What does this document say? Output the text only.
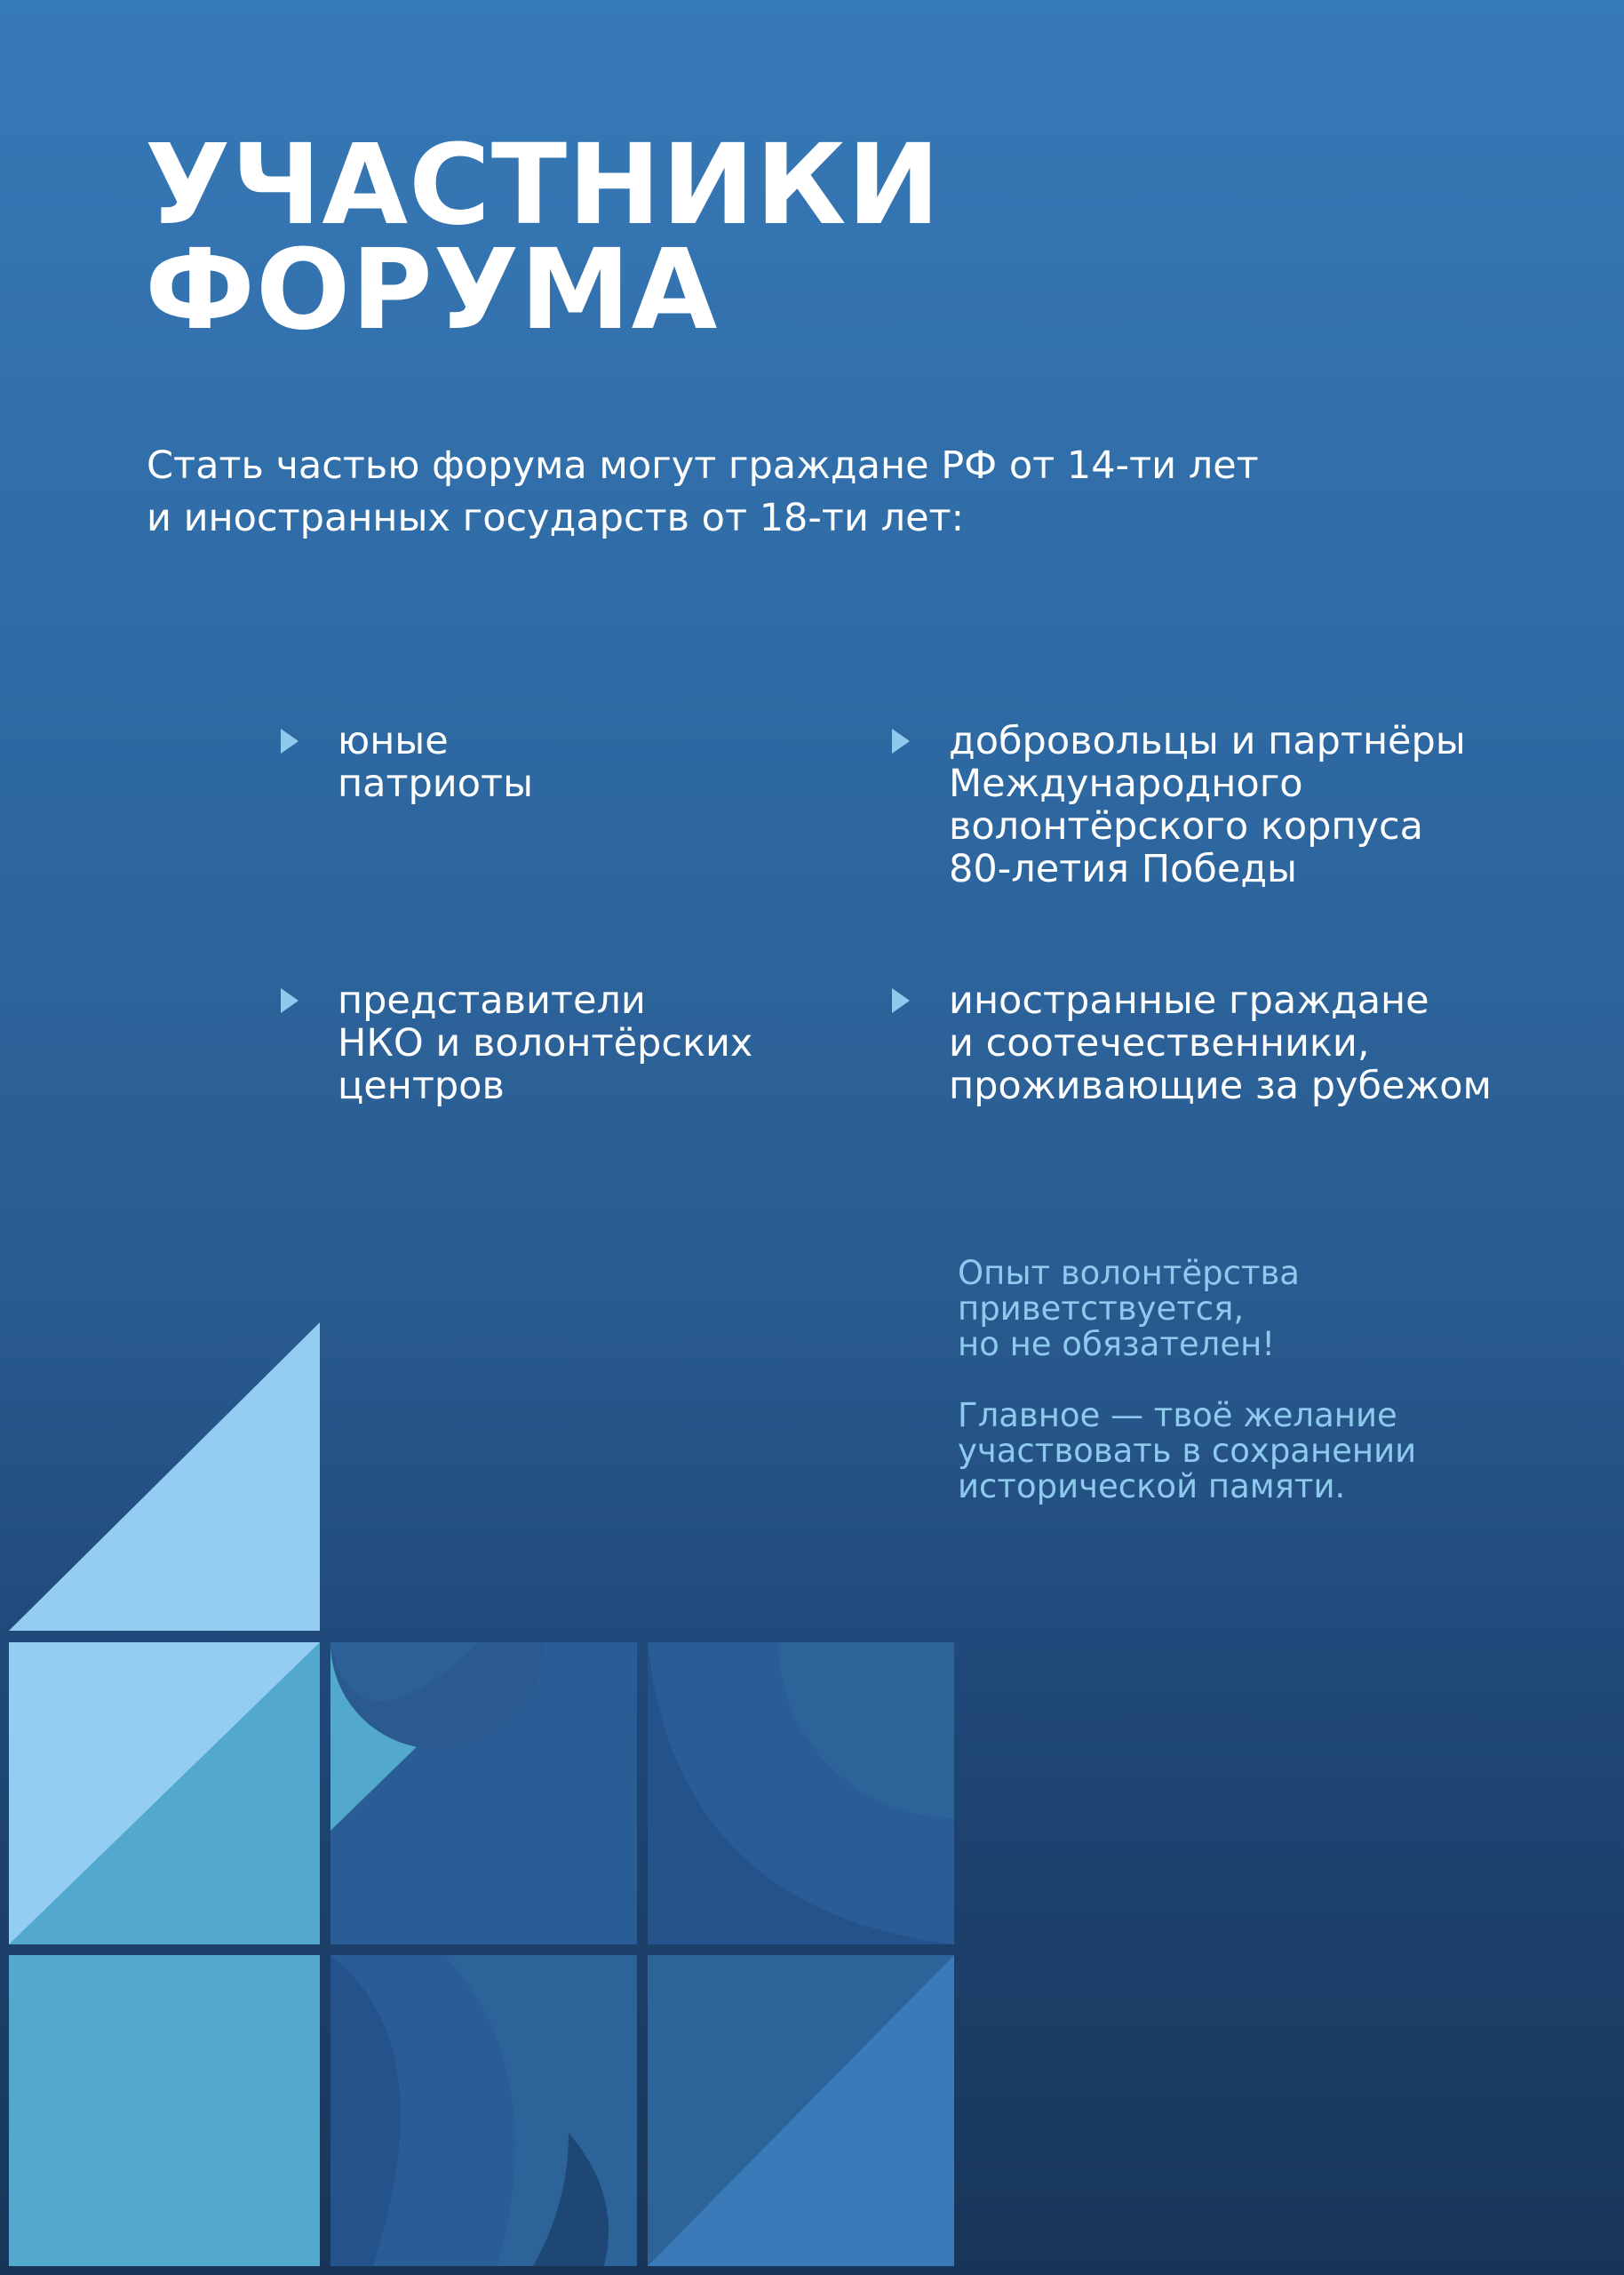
УЧАСТНИКИ
ФОРУМА

Стать частью форума могут граждане РФ от 14-ти лет
и иностранных государств от 18-ти лет:

юные
патриоты
добровольцы и партнёры
Международного
волонтёрского корпуса
80-летия Победы
представители
НКО и волонтёрских
центров
иностранные граждане
и соотечественники,
проживающие за рубежом

Опыт волонтёрства
приветствуется,
но не обязателен!

Главное — твоё желание
участвовать в сохранении
исторической памяти.
